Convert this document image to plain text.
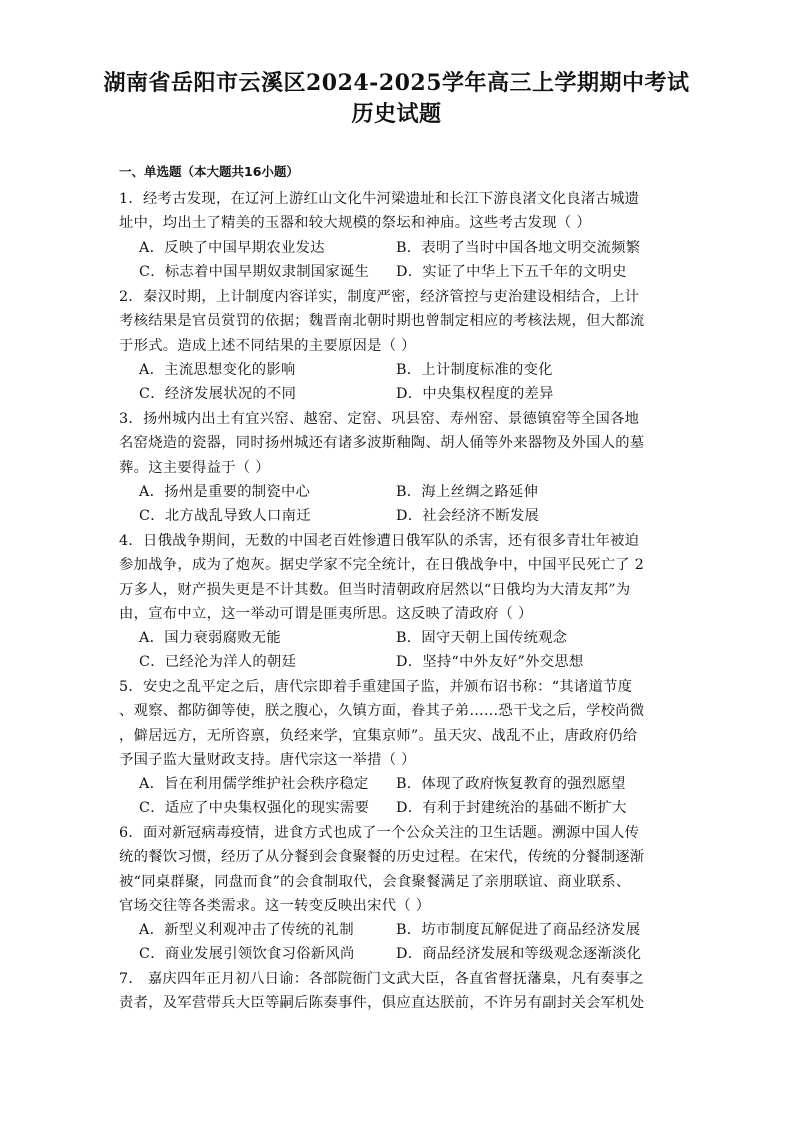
湖南省岳阳市云溪区2024-2025学年高三上学期期中考试
历史试题
一、单选题（本大题共16小题）
1．经考古发现，在辽河上游红山文化牛河梁遗址和长江下游良渚文化良渚古城遗
址中，均出土了精美的玉器和较大规模的祭坛和神庙。这些考古发现（ ）
A．反映了中国早期农业发达	B．表明了当时中国各地文明交流频繁
C．标志着中国早期奴隶制国家诞生 D．实证了中华上下五千年的文明史
2．秦汉时期，上计制度内容详实，制度严密，经济管控与吏治建设相结合，上计
考核结果是官员赏罚的依据；魏晋南北朝时期也曾制定相应的考核法规，但大都流
于形式。造成上述不同结果的主要原因是（ ）
A．主流思想变化的影响	B．上计制度标准的变化
C．经济发展状况的不同	D．中央集权程度的差异
3．扬州城内出土有宜兴窑、越窑、定窑、巩县窑、寿州窑、景德镇窑等全国各地
名窑烧造的瓷器，同时扬州城还有诸多波斯釉陶、胡人俑等外来器物及外国人的墓
葬。这主要得益于（ ）
A．扬州是重要的制瓷中心	B．海上丝绸之路延伸
C．北方战乱导致人口南迁	D．社会经济不断发展
4．日俄战争期间，无数的中国老百姓惨遭日俄军队的杀害，还有很多青壮年被迫
参加战争，成为了炮灰。据史学家不完全统计，在日俄战争中，中国平民死亡了 2
万多人，财产损失更是不计其数。但当时清朝政府居然以“日俄均为大清友邦”为
由，宣布中立，这一举动可谓是匪夷所思。这反映了清政府（ ）
A．国力衰弱腐败无能	B．固守天朝上国传统观念
C．已经沦为洋人的朝廷	D．坚持“中外友好”外交思想
5．安史之乱平定之后，唐代宗即着手重建国子监，并颁布诏书称：“其诸道节度
、观察、都防御等使，朕之腹心，久镇方面，眷其子弟……恐干戈之后，学校尚微
，僻居远方，无所咨禀，负经来学，宜集京师”。虽天灾、战乱不止，唐政府仍给
予国子监大量财政支持。唐代宗这一举措（ ）
A．旨在利用儒学维护社会秩序稳定 B．体现了政府恢复教育的强烈愿望
C．适应了中央集权强化的现实需要 D．有利于封建统治的基础不断扩大
6．面对新冠病毒疫情，进食方式也成了一个公众关注的卫生话题。溯源中国人传
统的餐饮习惯，经历了从分餐到会食聚餐的历史过程。在宋代，传统的分餐制逐渐
被“同桌群聚，同盘而食”的会食制取代，会食聚餐满足了亲朋联谊、商业联系、
官场交往等各类需求。这一转变反映出宋代（ ）
A．新型义利观冲击了传统的礼制	B．坊市制度瓦解促进了商品经济发展
C．商业发展引领饮食习俗新风尚	D．商品经济发展和等级观念逐渐淡化
7． 嘉庆四年正月初八日谕：各部院衙门文武大臣，各直省督抚藩臬，凡有奏事之
责者，及军营带兵大臣等嗣后陈奏事件，俱应直达朕前，不许另有副封关会军机处
